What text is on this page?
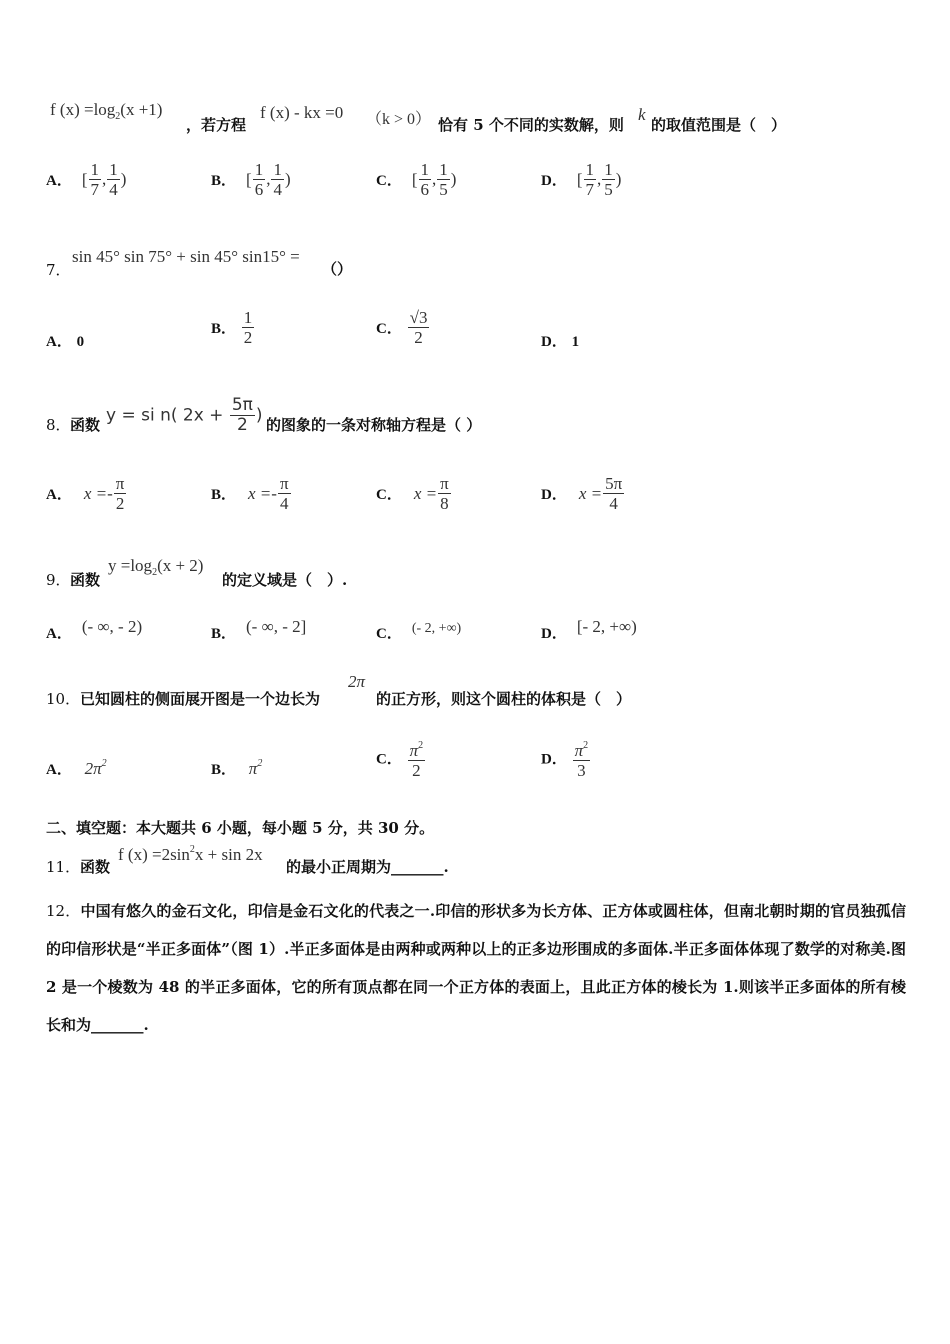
f $(x) =\log_2(x +1)$
，若方程
f (x) - kx =0 （k > 0） 恰有 5 个不同的实数解，则
k
的取值范围是（　）
A． [ $\frac{1}{7}$ , $\frac{1}{4}$ )	B． [ $\frac{1}{6}$ , $\frac{1}{4}$ )	C． [ $\frac{1}{6}$ , $\frac{1}{5}$ )	D． [ $\frac{1}{7}$ , $\frac{1}{5}$ )
7．
sin 45° sin 75° + sin 45° sin15° =
（）
A． 0
B． $\frac{1}{2}$	C． $\frac{√3}{2}$	D． 1
8． 函数 y = si n( $2x + \frac{5\pi}{2}$ ) 的图象的一条对称轴方程是（ ）
A． $x =- \frac{\pi}{2}$	B． $x =- \frac{\pi}{4}$	C． $x = \frac{\pi}{8}$	D． $x = \frac{5\pi}{4}$
9． 函数
$y =\log_2(x + 2)$
的定义域是（　）.
A． (- ∞, - 2)	B． (- ∞, - 2]	C． (- 2, +∞)	D． [- 2, +∞)
10． 已知圆柱的侧面展开图是一个边长为
2π
的正方形，则这个圆柱的体积是（　）
A． $2\pi^2$	B． $\pi^2$	C． $\frac{\pi^2}{2}$	D． $\frac{\pi^2}{3}$
二、填空题：本大题共 6 小题，每小题 5 分，共 30 分。
11． 函数
f $(x) =2\sin^2x + \sin 2x$
的最小正周期为_______.
12．中国有悠久的金石文化，印信是金石文化的代表之一.印信的形状多为长方体、正方体或圆柱体，但南北朝时期的官员独孤信的印信形状是“半正多面体”（图 1）.半正多面体是由两种或两种以上的正多边形围成的多面体.半正多面体体现了数学的对称美.图 2 是一个棱数为 48 的半正多面体，它的所有顶点都在同一个正方体的表面上，且此正方体的棱长为 1.则该半正多面体的所有棱长和为_______.
